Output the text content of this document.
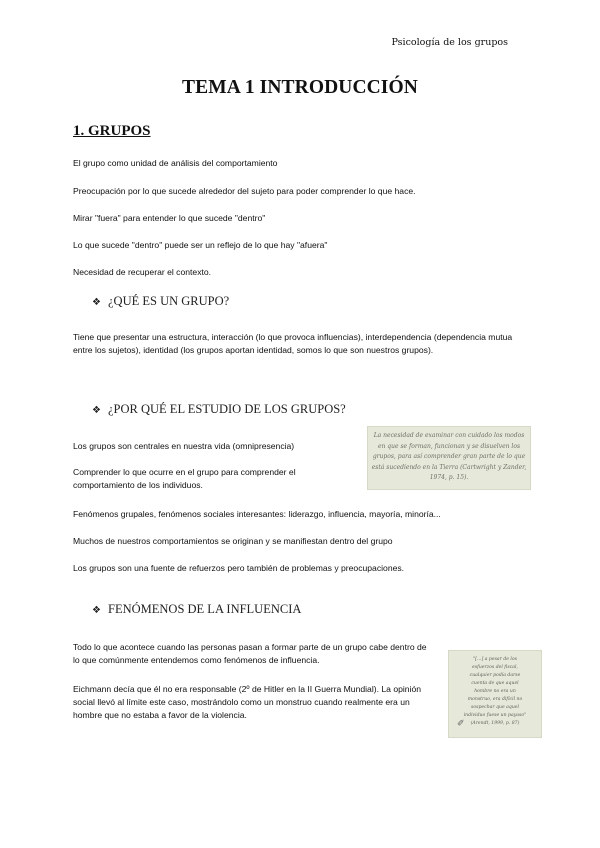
Psicología de los grupos
TEMA 1 INTRODUCCIÓN
1. GRUPOS

El grupo como unidad de análisis del comportamiento

Preocupación por lo que sucede alrededor del sujeto para poder comprender lo que hace.

Mirar "fuera" para entender lo que sucede "dentro"

Lo que sucede "dentro" puede ser un reflejo de lo que hay "afuera"

Necesidad de recuperar el contexto.

❖ ¿QUÉ ES UN GRUPO?

Tiene que presentar una estructura, interacción (lo que provoca influencias), interdependencia (dependencia mutua entre los sujetos), identidad (los grupos aportan identidad, somos lo que son nuestros grupos).

❖ ¿POR QUÉ EL ESTUDIO DE LOS GRUPOS?

Los grupos son centrales en nuestra vida (omnipresencia)

Comprender lo que ocurre en el grupo para comprender el comportamiento de los individuos.

Fenómenos grupales, fenómenos sociales interesantes: liderazgo, influencia, mayoría, minoría...

Muchos de nuestros comportamientos se originan y se manifiestan dentro del grupo

Los grupos son una fuente de refuerzos pero también de problemas y preocupaciones.

La necesidad de examinar con cuidado los modos
en que se forman, funcionan y se disuelven los
grupos, para así comprender gran parte de lo que
está sucediendo en la Tierra (Cartwright y Zander,
1974, p. 15).
❖ FENÓMENOS DE LA INFLUENCIA

Todo lo que acontece cuando las personas pasan a formar parte de un grupo cabe dentro de lo que comúnmente entendemos como fenómenos de influencia.

Eichmann decía que él no era responsable (2º de Hitler en la II Guerra Mundial). La opinión social llevó al límite este caso, mostrándolo como un monstruo cuando realmente era un hombre que no estaba a favor de la violencia.

"[…] a pesar de los
esfuerzos del fiscal,
cualquier podía darse
cuenta de que aquel
hombre no era un
monstruo, era difícil no
sospechar que aquel
individuo fuese un payaso"
(Arendt, 1999, p. 87)
✐
